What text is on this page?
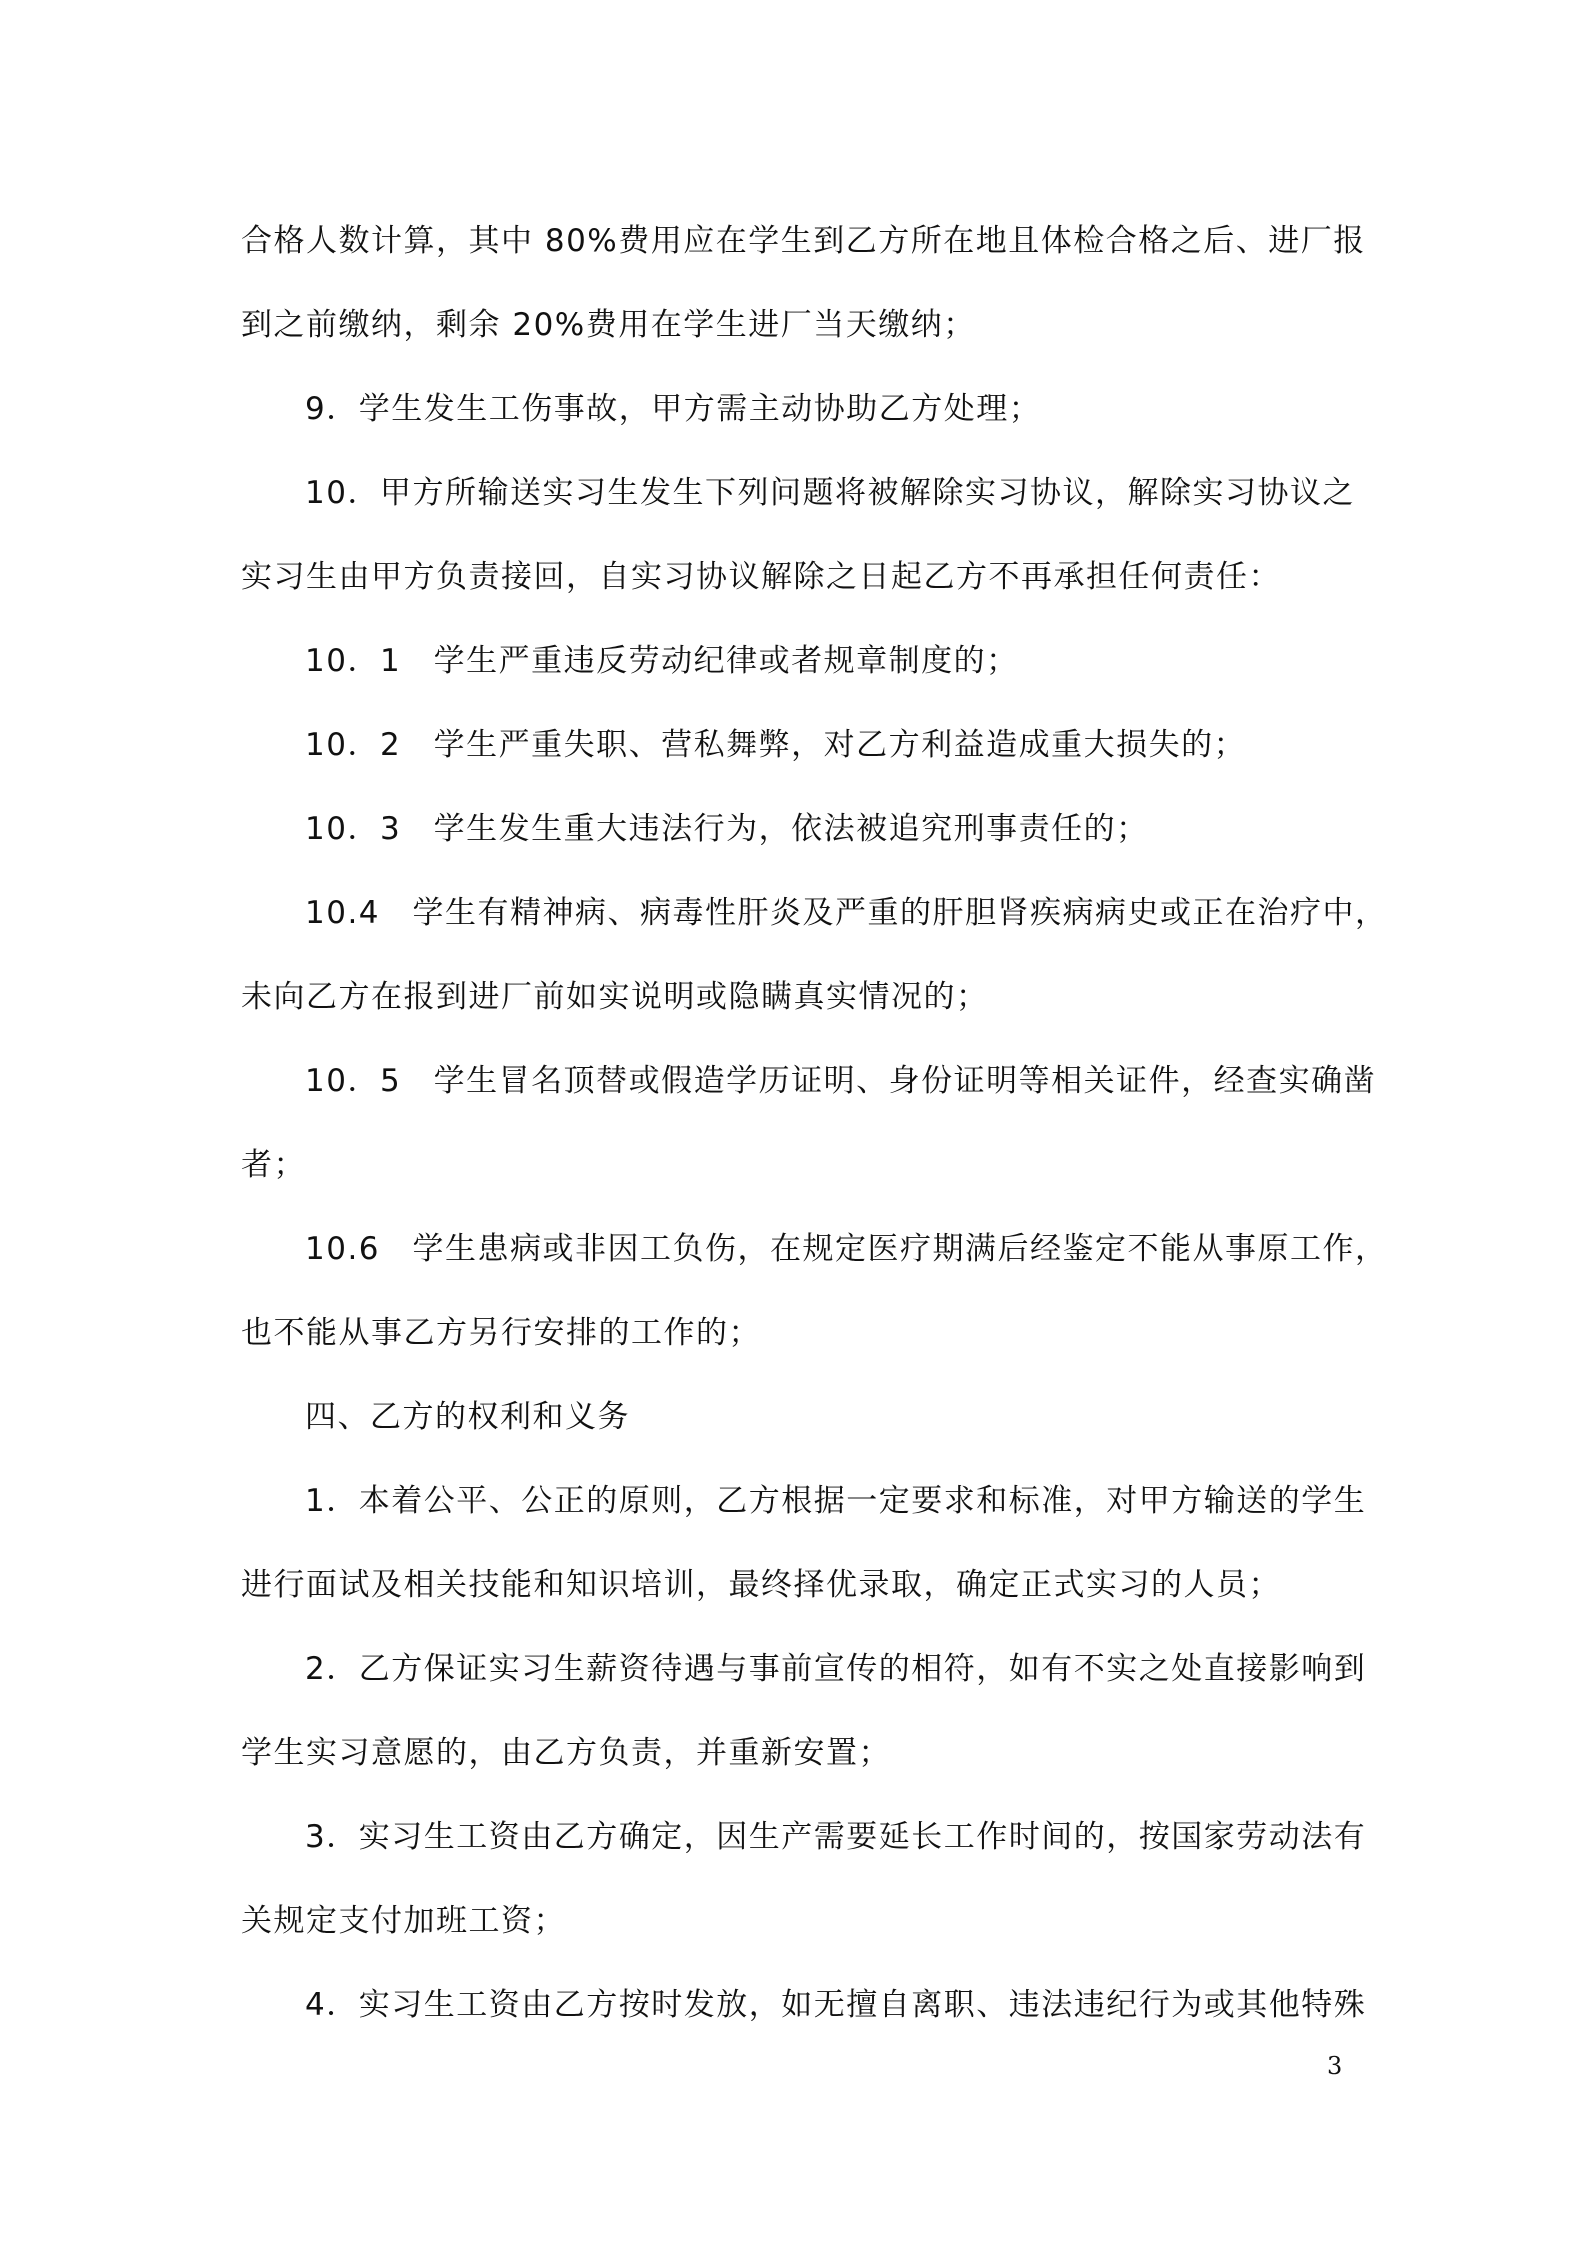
合格人数计算，其中 80%费用应在学生到乙方所在地且体检合格之后、进厂报
到之前缴纳，剩余 20%费用在学生进厂当天缴纳；
9．学生发生工伤事故，甲方需主动协助乙方处理；
10．甲方所输送实习生发生下列问题将被解除实习协议，解除实习协议之
实习生由甲方负责接回，自实习协议解除之日起乙方不再承担任何责任：
10．1　学生严重违反劳动纪律或者规章制度的；
10．2　学生严重失职、营私舞弊，对乙方利益造成重大损失的；
10．3　学生发生重大违法行为，依法被追究刑事责任的；
10.4　学生有精神病、病毒性肝炎及严重的肝胆肾疾病病史或正在治疗中，
未向乙方在报到进厂前如实说明或隐瞒真实情况的；
10．5　学生冒名顶替或假造学历证明、身份证明等相关证件，经查实确凿
者；
10.6　学生患病或非因工负伤，在规定医疗期满后经鉴定不能从事原工作，
也不能从事乙方另行安排的工作的；
四、乙方的权利和义务
1．本着公平、公正的原则，乙方根据一定要求和标准，对甲方输送的学生
进行面试及相关技能和知识培训，最终择优录取，确定正式实习的人员；
2．乙方保证实习生薪资待遇与事前宣传的相符，如有不实之处直接影响到
学生实习意愿的，由乙方负责，并重新安置；
3．实习生工资由乙方确定，因生产需要延长工作时间的，按国家劳动法有
关规定支付加班工资；
4．实习生工资由乙方按时发放，如无擅自离职、违法违纪行为或其他特殊
3
